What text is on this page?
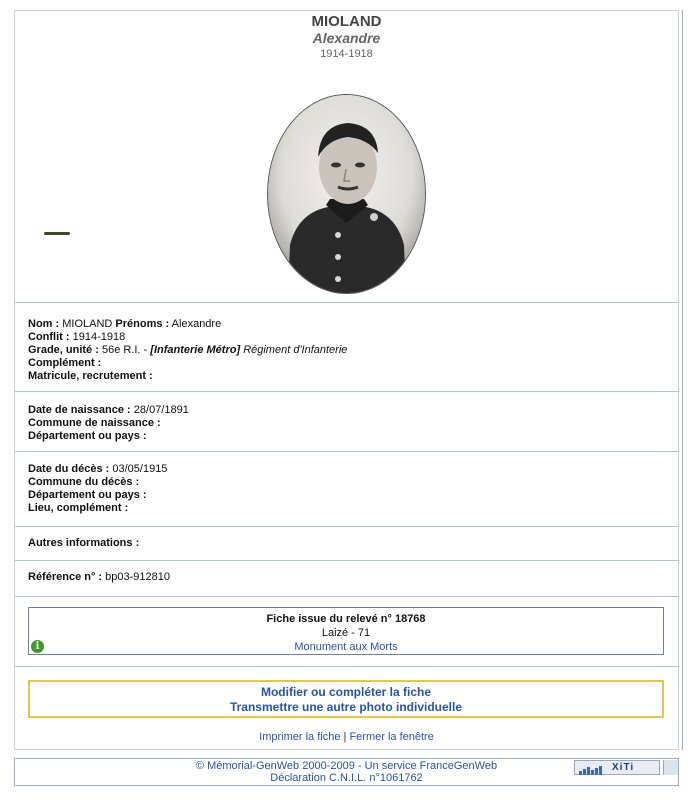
MIOLAND
Alexandre
1914-1918
Nom : MIOLAND Prénoms : Alexandre
Conflit : 1914-1918
Grade, unité : 56e R.I. - [Infanterie Métro] Régiment d'Infanterie
Complément :
Matricule, recrutement :
Date de naissance : 28/07/1891
Commune de naissance :
Département ou pays :
Date du décès : 03/05/1915
Commune du décès :
Département ou pays :
Lieu, complément :
Autres informations :
Référence n° : bp03-912810
Fiche issue du relevé n° 18768
Laizé - 71
Monument aux Morts
i
Modifier ou compléter la fiche
Transmettre une autre photo individuelle
Imprimer la fiche | Fermer la fenêtre
© Mémorial-GenWeb 2000-2009 - Un service FranceGenWeb
Déclaration C.N.I.L. n°1061762
XiTi
